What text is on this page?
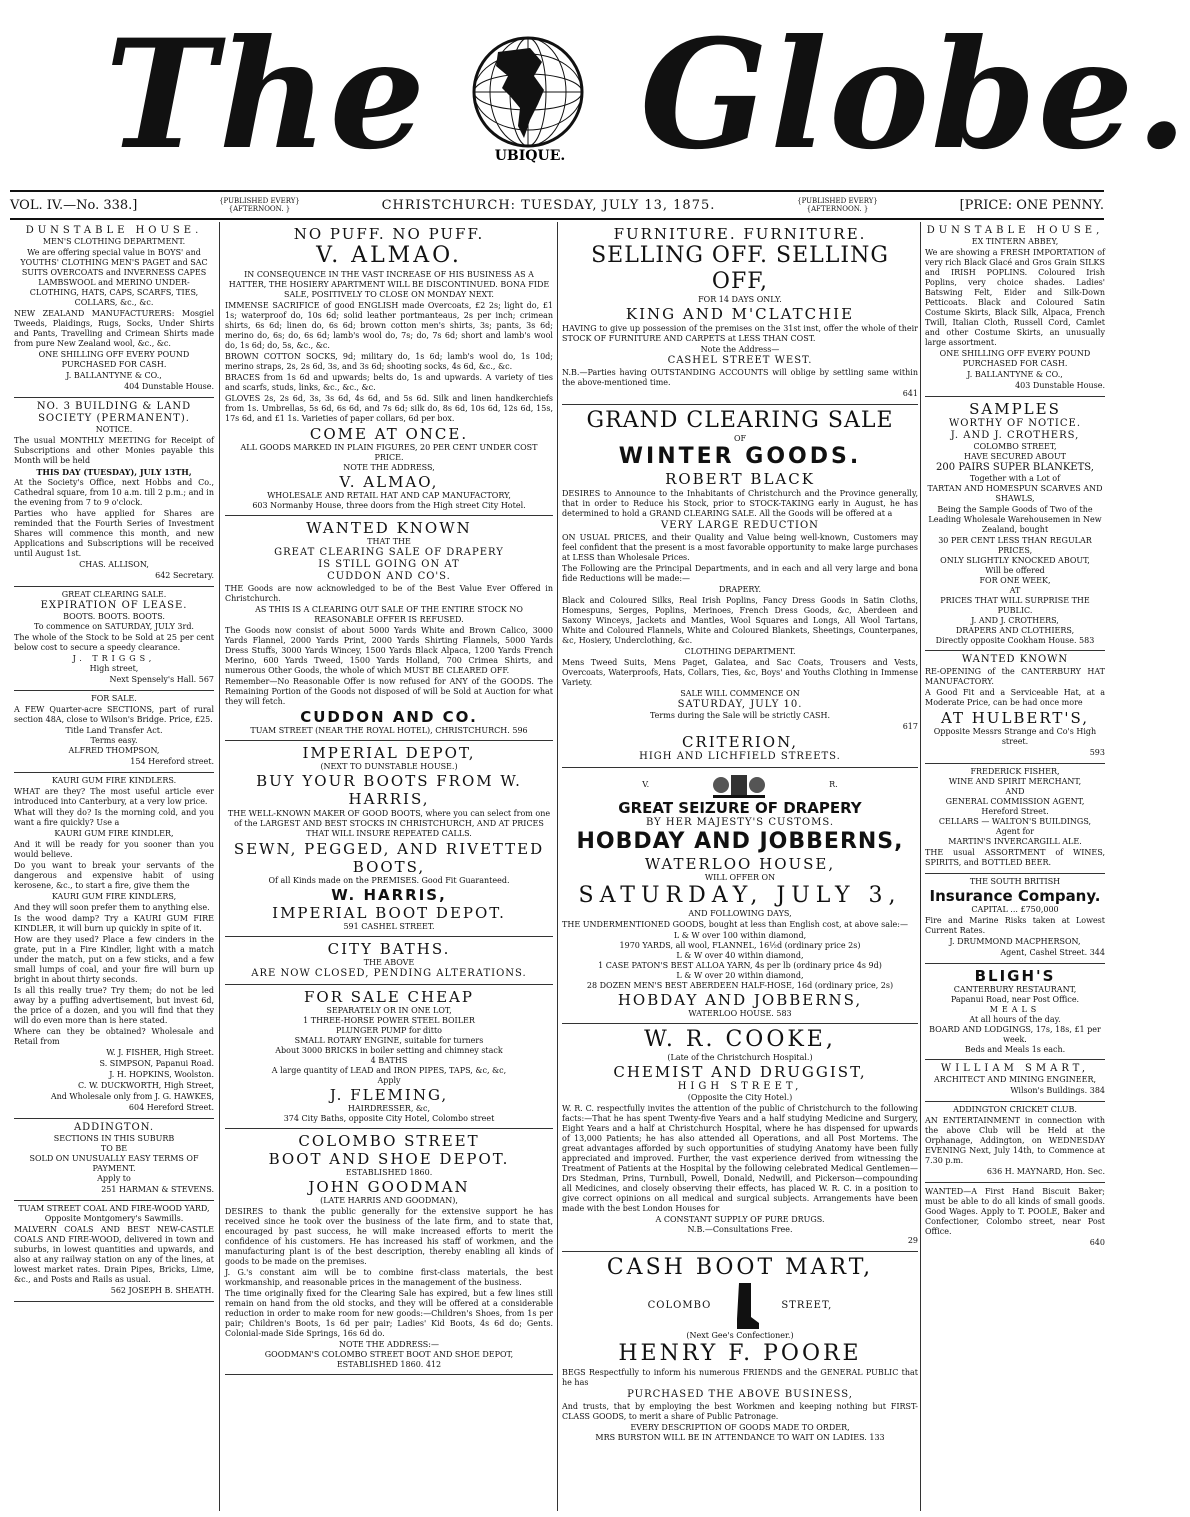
The	UBIQUE. Globe.
VOL. IV.—No. 338.]	{PUBLISHED EVERY}
{AFTERNOON. }	CHRISTCHURCH: TUESDAY, JULY 13, 1875.	{PUBLISHED EVERY}
{AFTERNOON. }	[PRICE: ONE PENNY.
DUNSTABLE HOUSE.
MEN'S CLOTHING DEPARTMENT.

We are offering special value in BOYS' and YOUTHS' CLOTHING MEN'S PAGET and SAC SUITS OVERCOATS and INVERNESS CAPES LAMBSWOOL and MERINO UNDER-CLOTHING, HATS, CAPS, SCARFS, TIES, COLLARS, &c., &c.

NEW ZEALAND MANUFACTURERS: Mosgiel Tweeds, Plaidings, Rugs, Socks, Under Shirts and Pants, Travelling and Crimean Shirts made from pure New Zealand wool, &c., &c.

ONE SHILLING OFF EVERY POUND PURCHASED FOR CASH.

J. BALLANTYNE & CO.,

404 Dunstable House.

NO. 3 BUILDING & LAND SOCIETY (PERMANENT).
NOTICE.

The usual MONTHLY MEETING for Receipt of Subscriptions and other Monies payable this Month will be held

THIS DAY (TUESDAY), JULY 13TH,

At the Society's Office, next Hobbs and Co., Cathedral square, from 10 a.m. till 2 p.m.; and in the evening from 7 to 9 o'clock.

Parties who have applied for Shares are reminded that the Fourth Series of Investment Shares will commence this month, and new Applications and Subscriptions will be received until August 1st.

CHAS. ALLISON,

642 Secretary.

GREAT CLEARING SALE.
EXPIRATION OF LEASE.
BOOTS. BOOTS. BOOTS.
To commence on SATURDAY, JULY 3rd.

The whole of the Stock to be Sold at 25 per cent below cost to secure a speedy clearance.

J. TRIGGS,
High street,

Next Spensely's Hall. 567

FOR SALE.

A FEW Quarter-acre SECTIONS, part of rural section 48A, close to Wilson's Bridge. Price, £25.

Title Land Transfer Act.
Terms easy.
ALFRED THOMPSON,

154 Hereford street.

KAURI GUM FIRE KINDLERS.

WHAT are they? The most useful article ever introduced into Canterbury, at a very low price.

What will they do? Is the morning cold, and you want a fire quickly? Use a

KAURI GUM FIRE KINDLER,

And it will be ready for you sooner than you would believe.

Do you want to break your servants of the dangerous and expensive habit of using kerosene, &c., to start a fire, give them the

KAURI GUM FIRE KINDLERS,

And they will soon prefer them to anything else.

Is the wood damp? Try a KAURI GUM FIRE KINDLER, it will burn up quickly in spite of it.

How are they used? Place a few cinders in the grate, put in a Fire Kindler, light with a match under the match, put on a few sticks, and a few small lumps of coal, and your fire will burn up bright in about thirty seconds.

Is all this really true? Try them; do not be led away by a puffing advertisement, but invest 6d, the price of a dozen, and you will find that they will do even more than is here stated.

Where can they be obtained? Wholesale and Retail from

W. J. FISHER, High Street.

S. SIMPSON, Papanui Road.

J. H. HOPKINS, Woolston.

C. W. DUCKWORTH, High Street,

And Wholesale only from J. G. HAWKES,

604 Hereford Street.

ADDINGTON.
SECTIONS IN THIS SUBURB
TO BE
SOLD ON UNUSUALLY EASY TERMS OF PAYMENT.
Apply to

251 HARMAN & STEVENS.

TUAM STREET COAL AND FIRE-WOOD YARD,
Opposite Montgomery's Sawmills.

MALVERN COALS AND BEST NEW-CASTLE COALS AND FIRE-WOOD, delivered in town and suburbs, in lowest quantities and upwards, and also at any railway station on any of the lines, at lowest market rates. Drain Pipes, Bricks, Lime, &c., and Posts and Rails as usual.

562 JOSEPH B. SHEATH.

NO PUFF. NO PUFF.
V. ALMAO.

IN CONSEQUENCE IN THE VAST INCREASE OF HIS BUSINESS AS A HATTER, THE HOSIERY APARTMENT WILL BE DISCONTINUED. BONA FIDE SALE, POSITIVELY TO CLOSE ON MONDAY NEXT.

IMMENSE SACRIFICE of good ENGLISH made Overcoats, £2 2s; light do, £1 1s; waterproof do, 10s 6d; solid leather portmanteaus, 2s per inch; crimean shirts, 6s 6d; linen do, 6s 6d; brown cotton men's shirts, 3s; pants, 3s 6d; merino do, 6s; do, 6s 6d; lamb's wool do, 7s; do, 7s 6d; short and lamb's wool do, 1s 6d; do, 5s, &c., &c.

BROWN COTTON SOCKS, 9d; military do, 1s 6d; lamb's wool do, 1s 10d; merino straps, 2s, 2s 6d, 3s, and 3s 6d; shooting socks, 4s 6d, &c., &c.

BRACES from 1s 6d and upwards; belts do, 1s and upwards. A variety of ties and scarfs, studs, links, &c., &c., &c.

GLOVES 2s, 2s 6d, 3s, 3s 6d, 4s 6d, and 5s 6d. Silk and linen handkerchiefs from 1s. Umbrellas, 5s 6d, 6s 6d, and 7s 6d; silk do, 8s 6d, 10s 6d, 12s 6d, 15s, 17s 6d, and £1 1s. Varieties of paper collars, 6d per box.

COME AT ONCE.
ALL GOODS MARKED IN PLAIN FIGURES, 20 PER CENT UNDER COST PRICE.
NOTE THE ADDRESS,
V. ALMAO,
WHOLESALE AND RETAIL HAT AND CAP MANUFACTORY,
603 Normanby House, three doors from the High street City Hotel.
WANTED KNOWN
THAT THE
GREAT CLEARING SALE OF DRAPERY
IS STILL GOING ON AT
CUDDON AND CO'S.

THE Goods are now acknowledged to be of the Best Value Ever Offered in Christchurch.

AS THIS IS A CLEARING OUT SALE OF THE ENTIRE STOCK NO REASONABLE OFFER IS REFUSED.

The Goods now consist of about 5000 Yards White and Brown Calico, 3000 Yards Flannel, 2000 Yards Print, 2000 Yards Shirting Flannels, 5000 Yards Dress Stuffs, 3000 Yards Wincey, 1500 Yards Black Alpaca, 1200 Yards French Merino, 600 Yards Tweed, 1500 Yards Holland, 700 Crimea Shirts, and numerous Other Goods, the whole of which MUST BE CLEARED OFF.

Remember—No Reasonable Offer is now refused for ANY of the GOODS. The Remaining Portion of the Goods not disposed of will be Sold at Auction for what they will fetch.

CUDDON AND CO.
TUAM STREET (NEAR THE ROYAL HOTEL), CHRISTCHURCH. 596
IMPERIAL DEPOT,
(NEXT TO DUNSTABLE HOUSE.)
BUY YOUR BOOTS FROM W. HARRIS,

THE WELL-KNOWN MAKER OF GOOD BOOTS, where you can select from one of the LARGEST AND BEST STOCKS IN CHRISTCHURCH, AND AT PRICES THAT WILL INSURE REPEATED CALLS.

SEWN, PEGGED, AND RIVETTED BOOTS,
Of all Kinds made on the PREMISES. Good Fit Guaranteed.
W. HARRIS,
IMPERIAL BOOT DEPOT.
591 CASHEL STREET.
CITY BATHS.
THE ABOVE
ARE NOW CLOSED, PENDING ALTERATIONS.
FOR SALE CHEAP
SEPARATELY OR IN ONE LOT,
1 THREE-HORSE POWER STEEL BOILER
PLUNGER PUMP for ditto
SMALL ROTARY ENGINE, suitable for turners
About 3000 BRICKS in boiler setting and chimney stack
4 BATHS
A large quantity of LEAD and IRON PIPES, TAPS, &c, &c,
Apply
J. FLEMING,
HAIRDRESSER, &c,
374 City Baths, opposite City Hotel, Colombo street
COLOMBO STREET
BOOT AND SHOE DEPOT.
ESTABLISHED 1860.
JOHN GOODMAN
(LATE HARRIS AND GOODMAN),

DESIRES to thank the public generally for the extensive support he has received since he took over the business of the late firm, and to state that, encouraged by past success, he will make increased efforts to merit the confidence of his customers. He has increased his staff of workmen, and the manufacturing plant is of the best description, thereby enabling all kinds of goods to be made on the premises.

J. G.'s constant aim will be to combine first-class materials, the best workmanship, and reasonable prices in the management of the business.

The time originally fixed for the Clearing Sale has expired, but a few lines still remain on hand from the old stocks, and they will be offered at a considerable reduction in order to make room for new goods:—Children's Shoes, from 1s per pair; Children's Boots, 1s 6d per pair; Ladies' Kid Boots, 4s 6d do; Gents. Colonial-made Side Springs, 16s 6d do.

NOTE THE ADDRESS:—
GOODMAN'S COLOMBO STREET BOOT AND SHOE DEPOT,
ESTABLISHED 1860. 412
FURNITURE. FURNITURE.
SELLING OFF. SELLING OFF,
FOR 14 DAYS ONLY.
KING AND M'CLATCHIE

HAVING to give up possession of the premises on the 31st inst, offer the whole of their STOCK OF FURNITURE AND CARPETS at LESS THAN COST.

Note the Address—
CASHEL STREET WEST.

N.B.—Parties having OUTSTANDING ACCOUNTS will oblige by settling same within the above-mentioned time.

641

GRAND CLEARING SALE
OF
WINTER GOODS.
ROBERT BLACK

DESIRES to Announce to the Inhabitants of Christchurch and the Province generally, that in order to Reduce his Stock, prior to STOCK-TAKING early in August, he has determined to hold a GRAND CLEARING SALE. All the Goods will be offered at a

VERY LARGE REDUCTION

ON USUAL PRICES, and their Quality and Value being well-known, Customers may feel confident that the present is a most favorable opportunity to make large purchases at LESS than Wholesale Prices.

The Following are the Principal Departments, and in each and all very large and bona fide Reductions will be made:—

DRAPERY.

Black and Coloured Silks, Real Irish Poplins, Fancy Dress Goods in Satin Cloths, Homespuns, Serges, Poplins, Merinoes, French Dress Goods, &c, Aberdeen and Saxony Winceys, Jackets and Mantles, Wool Squares and Longs, All Wool Tartans, White and Coloured Flannels, White and Coloured Blankets, Sheetings, Counterpanes, &c, Hosiery, Underclothing, &c.

CLOTHING DEPARTMENT.

Mens Tweed Suits, Mens Paget, Galatea, and Sac Coats, Trousers and Vests, Overcoats, Waterproofs, Hats, Collars, Ties, &c, Boys' and Youths Clothing in Immense Variety.

SALE WILL COMMENCE ON
SATURDAY, JULY 10.
Terms during the Sale will be strictly CASH.

617

CRITERION,
HIGH AND LICHFIELD STREETS.
V.	R.
GREAT SEIZURE OF DRAPERY
BY HER MAJESTY'S CUSTOMS.
HOBDAY AND JOBBERNS,
WATERLOO HOUSE,
WILL OFFER ON
SATURDAY, JULY 3,
AND FOLLOWING DAYS,

THE UNDERMENTIONED GOODS, bought at less than English cost, at above sale:—

L & W over 100 within diamond,
1970 YARDS, all wool, FLANNEL, 16½d (ordinary price 2s)
L & W over 40 within diamond,
1 CASE PATON'S BEST ALLOA YARN, 4s per lb (ordinary price 4s 9d)
L & W over 20 within diamond,
28 DOZEN MEN'S BEST ABERDEEN HALF-HOSE, 16d (ordinary price, 2s)
HOBDAY AND JOBBERNS,
WATERLOO HOUSE. 583
W. R. COOKE,
(Late of the Christchurch Hospital.)
CHEMIST AND DRUGGIST,
HIGH STREET,
(Opposite the City Hotel.)

W. R. C. respectfully invites the attention of the public of Christchurch to the following facts:—That he has spent Twenty-five Years and a half studying Medicine and Surgery, Eight Years and a half at Christchurch Hospital, where he has dispensed for upwards of 13,000 Patients; he has also attended all Operations, and all Post Mortems. The great advantages afforded by such opportunities of studying Anatomy have been fully appreciated and improved. Further, the vast experience derived from witnessing the Treatment of Patients at the Hospital by the following celebrated Medical Gentlemen—Drs Stedman, Prins, Turnbull, Powell, Donald, Nedwill, and Pickerson—compounding all Medicines, and closely observing their effects, has placed W. R. C. in a position to give correct opinions on all medical and surgical subjects. Arrangements have been made with the best London Houses for

A CONSTANT SUPPLY OF PURE DRUGS.
N.B.—Consultations Free.

29

CASH BOOT MART,
COLOMBO	STREET,
(Next Gee's Confectioner.)
HENRY F. POORE

BEGS Respectfully to inform his numerous FRIENDS and the GENERAL PUBLIC that he has

PURCHASED THE ABOVE BUSINESS,

And trusts, that by employing the best Workmen and keeping nothing but FIRST-CLASS GOODS, to merit a share of Public Patronage.

EVERY DESCRIPTION OF GOODS MADE TO ORDER,
MRS BURSTON WILL BE IN ATTENDANCE TO WAIT ON LADIES. 133
DUNSTABLE HOUSE,
EX TINTERN ABBEY,

We are showing a FRESH IMPORTATION of very rich Black Glacé and Gros Grain SILKS and IRISH POPLINS. Coloured Irish Poplins, very choice shades. Ladies' Batswing Felt, Eider and Silk-Down Petticoats. Black and Coloured Satin Costume Skirts, Black Silk, Alpaca, French Twill, Italian Cloth, Russell Cord, Camlet and other Costume Skirts, an unusually large assortment.

ONE SHILLING OFF EVERY POUND PURCHASED FOR CASH.

J. BALLANTYNE & CO.,

403 Dunstable House.

SAMPLES
WORTHY OF NOTICE.
J. AND J. CROTHERS,
COLOMBO STREET,
HAVE SECURED ABOUT
200 PAIRS SUPER BLANKETS,
Together with a Lot of
TARTAN AND HOMESPUN SCARVES AND SHAWLS,

Being the Sample Goods of Two of the Leading Wholesale Warehousemen in New Zealand, bought

30 PER CENT LESS THAN REGULAR PRICES,
ONLY SLIGHTLY KNOCKED ABOUT,
Will be offered
FOR ONE WEEK,
AT
PRICES THAT WILL SURPRISE THE PUBLIC.
J. AND J. CROTHERS,
DRAPERS AND CLOTHIERS,
Directly opposite Cookham House. 583
WANTED KNOWN

RE-OPENING of the CANTERBURY HAT MANUFACTORY.

A Good Fit and a Serviceable Hat, at a Moderate Price, can be had once more

AT HULBERT'S,
Opposite Messrs Strange and Co's High street.

593

FREDERICK FISHER,
WINE AND SPIRIT MERCHANT,
AND
GENERAL COMMISSION AGENT,
Hereford Street.
CELLARS — WALTON'S BUILDINGS,
Agent for
MARTIN'S INVERCARGILL ALE.

THE usual ASSORTMENT of WINES, SPIRITS, and BOTTLED BEER.

THE SOUTH BRITISH
Insurance Company.
CAPITAL ... £750,000

Fire and Marine Risks taken at Lowest Current Rates.

J. DRUMMOND MACPHERSON,

Agent, Cashel Street. 344

BLIGH'S
CANTERBURY RESTAURANT,
Papanui Road, near Post Office.
MEALS
At all hours of the day.
BOARD AND LODGINGS, 17s, 18s, £1 per week.
Beds and Meals 1s each.
WILLIAM SMART,
ARCHITECT AND MINING ENGINEER,

Wilson's Buildings. 384

ADDINGTON CRICKET CLUB.

AN ENTERTAINMENT in connection with the above Club will be Held at the Orphanage, Addington, on WEDNESDAY EVENING Next, July 14th, to Commence at 7.30 p.m.

636 H. MAYNARD, Hon. Sec.

WANTED—A First Hand Biscuit Baker; must be able to do all kinds of small goods. Good Wages. Apply to T. POOLE, Baker and Confectioner, Colombo street, near Post Office.

640
